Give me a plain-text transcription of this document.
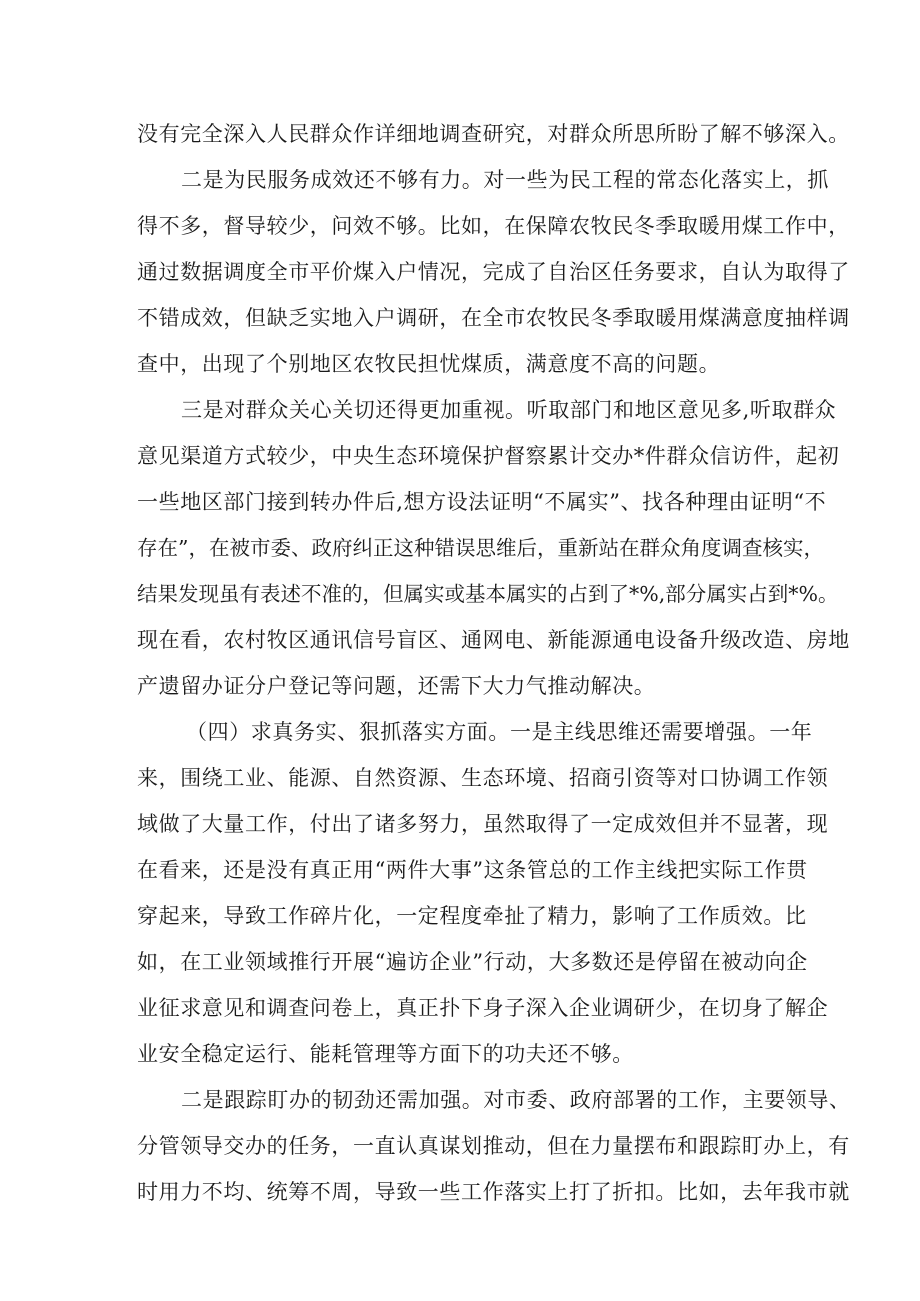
没有完全深入人民群众作详细地调查研究，对群众所思所盼了解不够深入。
二是为民服务成效还不够有力。对一些为民工程的常态化落实上，抓
得不多，督导较少，问效不够。比如，在保障农牧民冬季取暖用煤工作中，
通过数据调度全市平价煤入户情况，完成了自治区任务要求，自认为取得了
不错成效，但缺乏实地入户调研，在全市农牧民冬季取暖用煤满意度抽样调
查中，出现了个别地区农牧民担忧煤质，满意度不高的问题。
三是对群众关心关切还得更加重视。听取部门和地区意见多,听取群众
意见渠道方式较少，中央生态环境保护督察累计交办*件群众信访件，起初
一些地区部门接到转办件后,想方设法证明“不属实”、找各种理由证明“不
存在”，在被市委、政府纠正这种错误思维后，重新站在群众角度调查核实，
结果发现虽有表述不准的，但属实或基本属实的占到了*%,部分属实占到*%。
现在看，农村牧区通讯信号盲区、通网电、新能源通电设备升级改造、房地
产遗留办证分户登记等问题，还需下大力气推动解决。
（四）求真务实、狠抓落实方面。一是主线思维还需要增强。一年
来，围绕工业、能源、自然资源、生态环境、招商引资等对口协调工作领
域做了大量工作，付出了诸多努力，虽然取得了一定成效但并不显著，现
在看来，还是没有真正用“两件大事”这条管总的工作主线把实际工作贯
穿起来，导致工作碎片化，一定程度牵扯了精力，影响了工作质效。比
如，在工业领域推行开展“遍访企业”行动，大多数还是停留在被动向企
业征求意见和调查问卷上，真正扑下身子深入企业调研少，在切身了解企
业安全稳定运行、能耗管理等方面下的功夫还不够。
二是跟踪盯办的韧劲还需加强。对市委、政府部署的工作，主要领导、
分管领导交办的任务，一直认真谋划推动，但在力量摆布和跟踪盯办上，有
时用力不均、统筹不周，导致一些工作落实上打了折扣。比如，去年我市就
